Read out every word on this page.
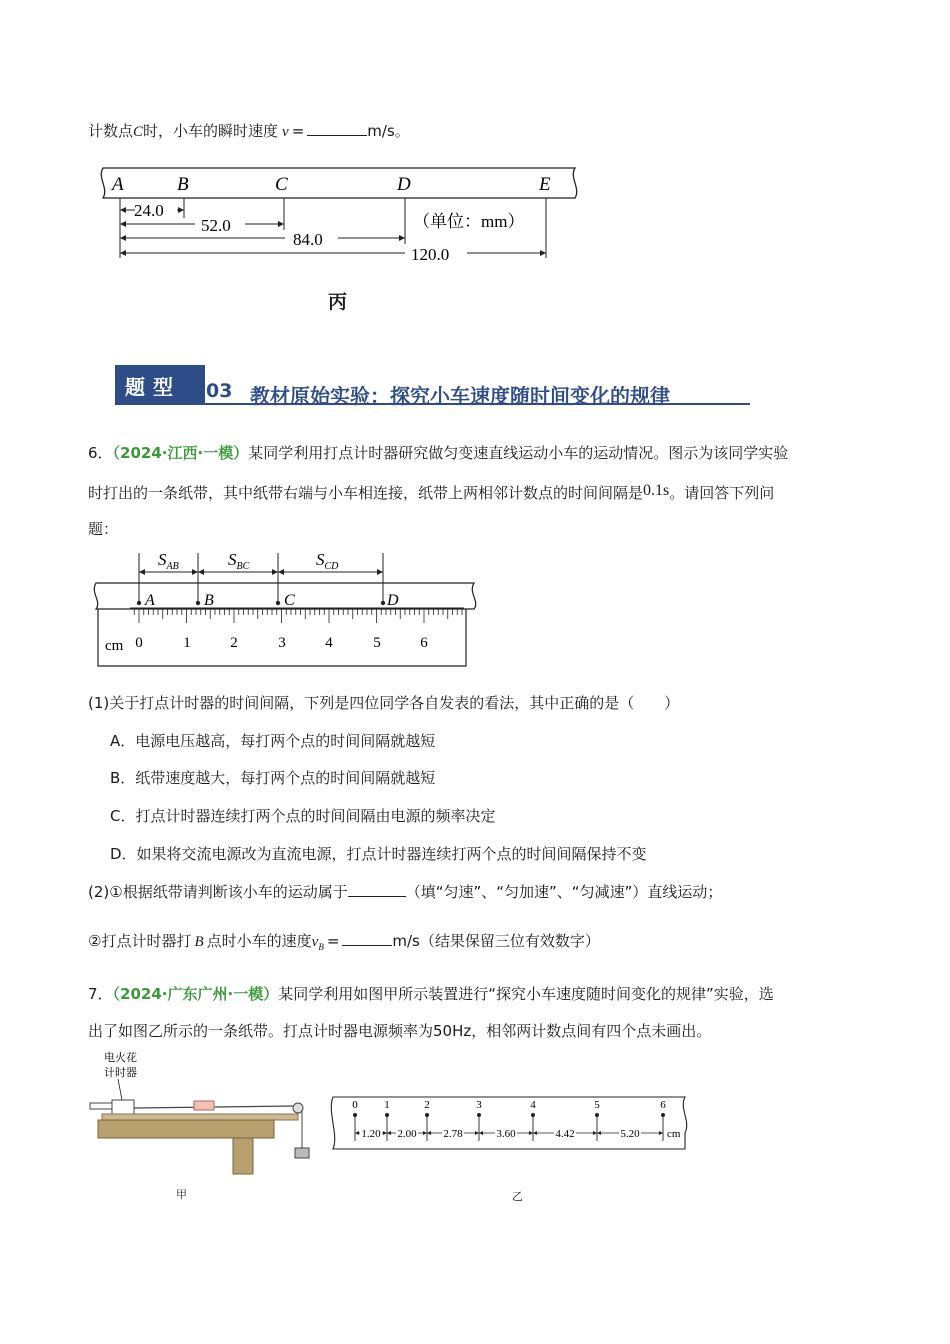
计数点C时，小车的瞬时速度 v =	m/s。
A	B	C	D	E
24.0
52.0
84.0
120.0
（单位：mm）
丙
题型 03 教材原始实验：探究小车速度随时间变化的规律
6．（2024·江西·一模）某同学利用打点计时器研究做匀变速直线运动小车的运动情况。图示为该同学实验
时打出的一条纸带，其中纸带右端与小车相连接，纸带上两相邻计数点的时间间隔是0.1s。请回答下列问
题：
$S_{AB}$	$S_{BC}$	$S_{CD}$
A	B	C	D
cm 0	1	2	3	4	5	6
(1)关于打点计时器的时间间隔，下列是四位同学各自发表的看法，其中正确的是（　　）
A．电源电压越高，每打两个点的时间间隔就越短
B．纸带速度越大，每打两个点的时间间隔就越短
C．打点计时器连续打两个点的时间间隔由电源的频率决定
D．如果将交流电源改为直流电源，打点计时器连续打两个点的时间间隔保持不变
(2)①根据纸带请判断该小车的运动属于	（填“匀速”、“匀加速”、“匀减速”）直线运动；
②打点计时器打 B 点时小车的速度$v_B$ =	m/s（结果保留三位有效数字）
7．（2024·广东广州·一模）某同学利用如图甲所示装置进行“探究小车速度随时间变化的规律”实验，选
出了如图乙所示的一条纸带。打点计时器电源频率为50Hz，相邻两计数点间有四个点未画出。
电火花
计时器
甲
0 1	2	3	4	5	6
1.20 2.00 2.78	3.60	4.42	5.20 cm
乙
